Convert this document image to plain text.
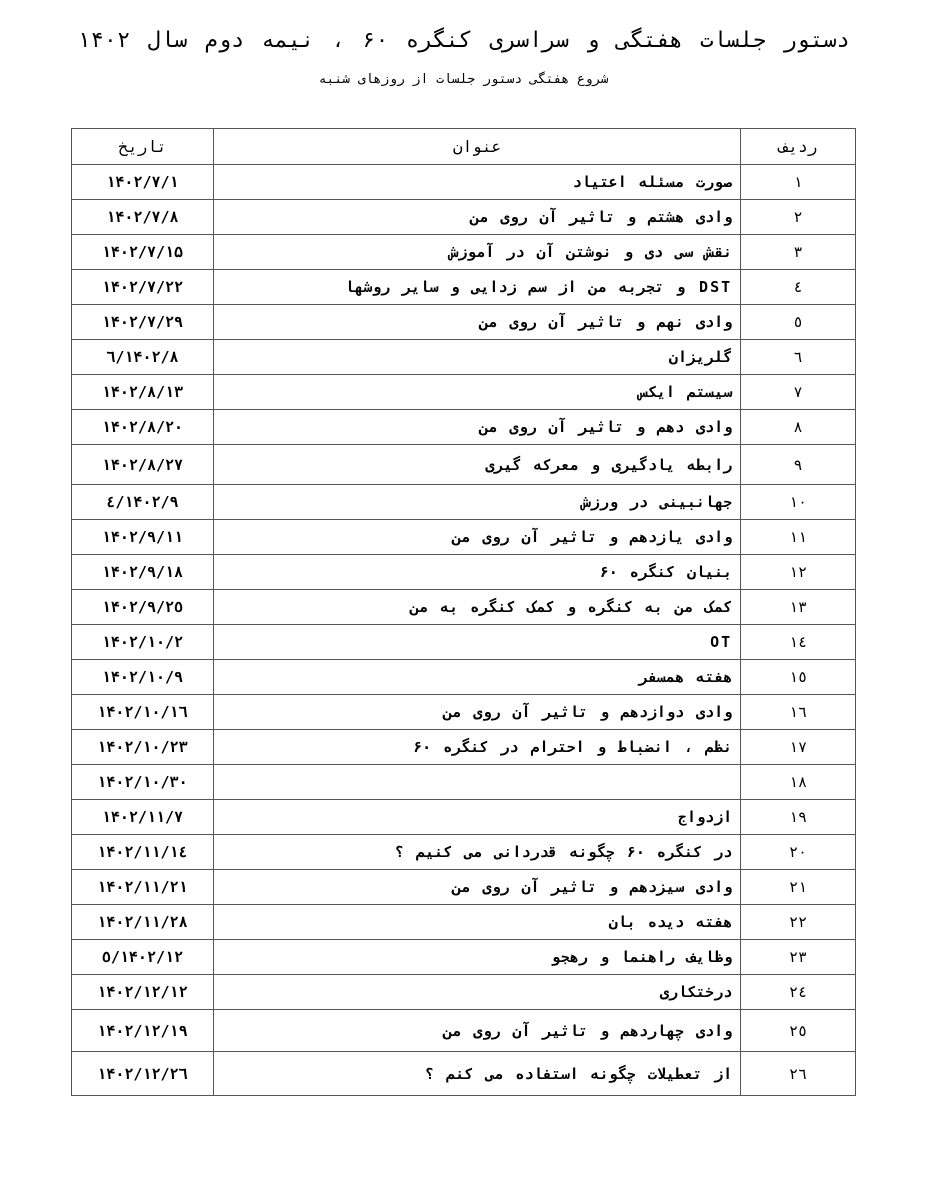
دستور جلسات هفتگی و سراسری کنگره ۶۰ ، نیمه دوم سال ۱۴۰۲
شروع هفتگی دستور جلسات از روزهای شنبه
ردیف	عنوان	تاریخ
۱	صورت مسئله اعتیاد	۱۴۰۲/۷/۱
۲	وادی هشتم و تاثیر آن روی من	۱۴۰۲/۷/۸
۳	نقش سی دی و نوشتن آن در آموزش	۱۴۰۲/۷/۱۵
٤	DST و تجربه من از سم زدایی و سایر روشها	۱۴۰۲/۷/۲۲
٥	وادی نهم و تاثیر آن روی من	۱۴۰۲/۷/۲۹
٦	گلریزان	۱۴۰۲/۸/٦
۷	سیستم ایکس	۱۴۰۲/۸/۱۳
۸	وادی دهم و تاثیر آن روی من	۱۴۰۲/۸/۲۰
۹	رابطه یادگیری و معرکه گیری	۱۴۰۲/۸/۲۷
۱۰	جهانبینی در ورزش	۱۴۰۲/۹/٤
۱۱	وادی یازدهم و تاثیر آن روی من	۱۴۰۲/۹/۱۱
۱۲	بنیان کنگره ۶۰	۱۴۰۲/۹/۱۸
۱۳	کمک من به کنگره و کمک کنگره به من	۱۴۰۲/۹/۲٥
١٤	OT	۱۴۰۲/۱۰/۲
۱٥	هفته همسفر	۱۴۰۲/۱۰/۹
۱٦	وادی دوازدهم و تاثیر آن روی من	۱۴۰۲/۱۰/۱٦
۱۷	نظم ، انضباط و احترام در کنگره ۶۰	۱۴۰۲/۱۰/۲۳
۱۸		۱۴۰۲/۱۰/۳۰
۱۹	ازدواج	۱۴۰۲/۱۱/۷
۲۰	در کنگره ۶۰ چگونه قدردانی می کنیم ؟	۱۴۰۲/۱۱/۱٤
۲۱	وادی سیزدهم و تاثیر آن روی من	۱۴۰۲/۱۱/۲۱
۲۲	هفته دیده بان	۱۴۰۲/۱۱/۲۸
۲۳	وظایف راهنما و رهجو	۱۴۰۲/۱۲/٥
۲٤	درختکاری	۱۴۰۲/۱۲/۱۲
۲٥	وادی چهاردهم و تاثیر آن روی من	۱۴۰۲/۱۲/۱۹
۲٦	از تعطیلات چگونه استفاده می کنم ؟	۱۴۰۲/۱۲/۲٦
